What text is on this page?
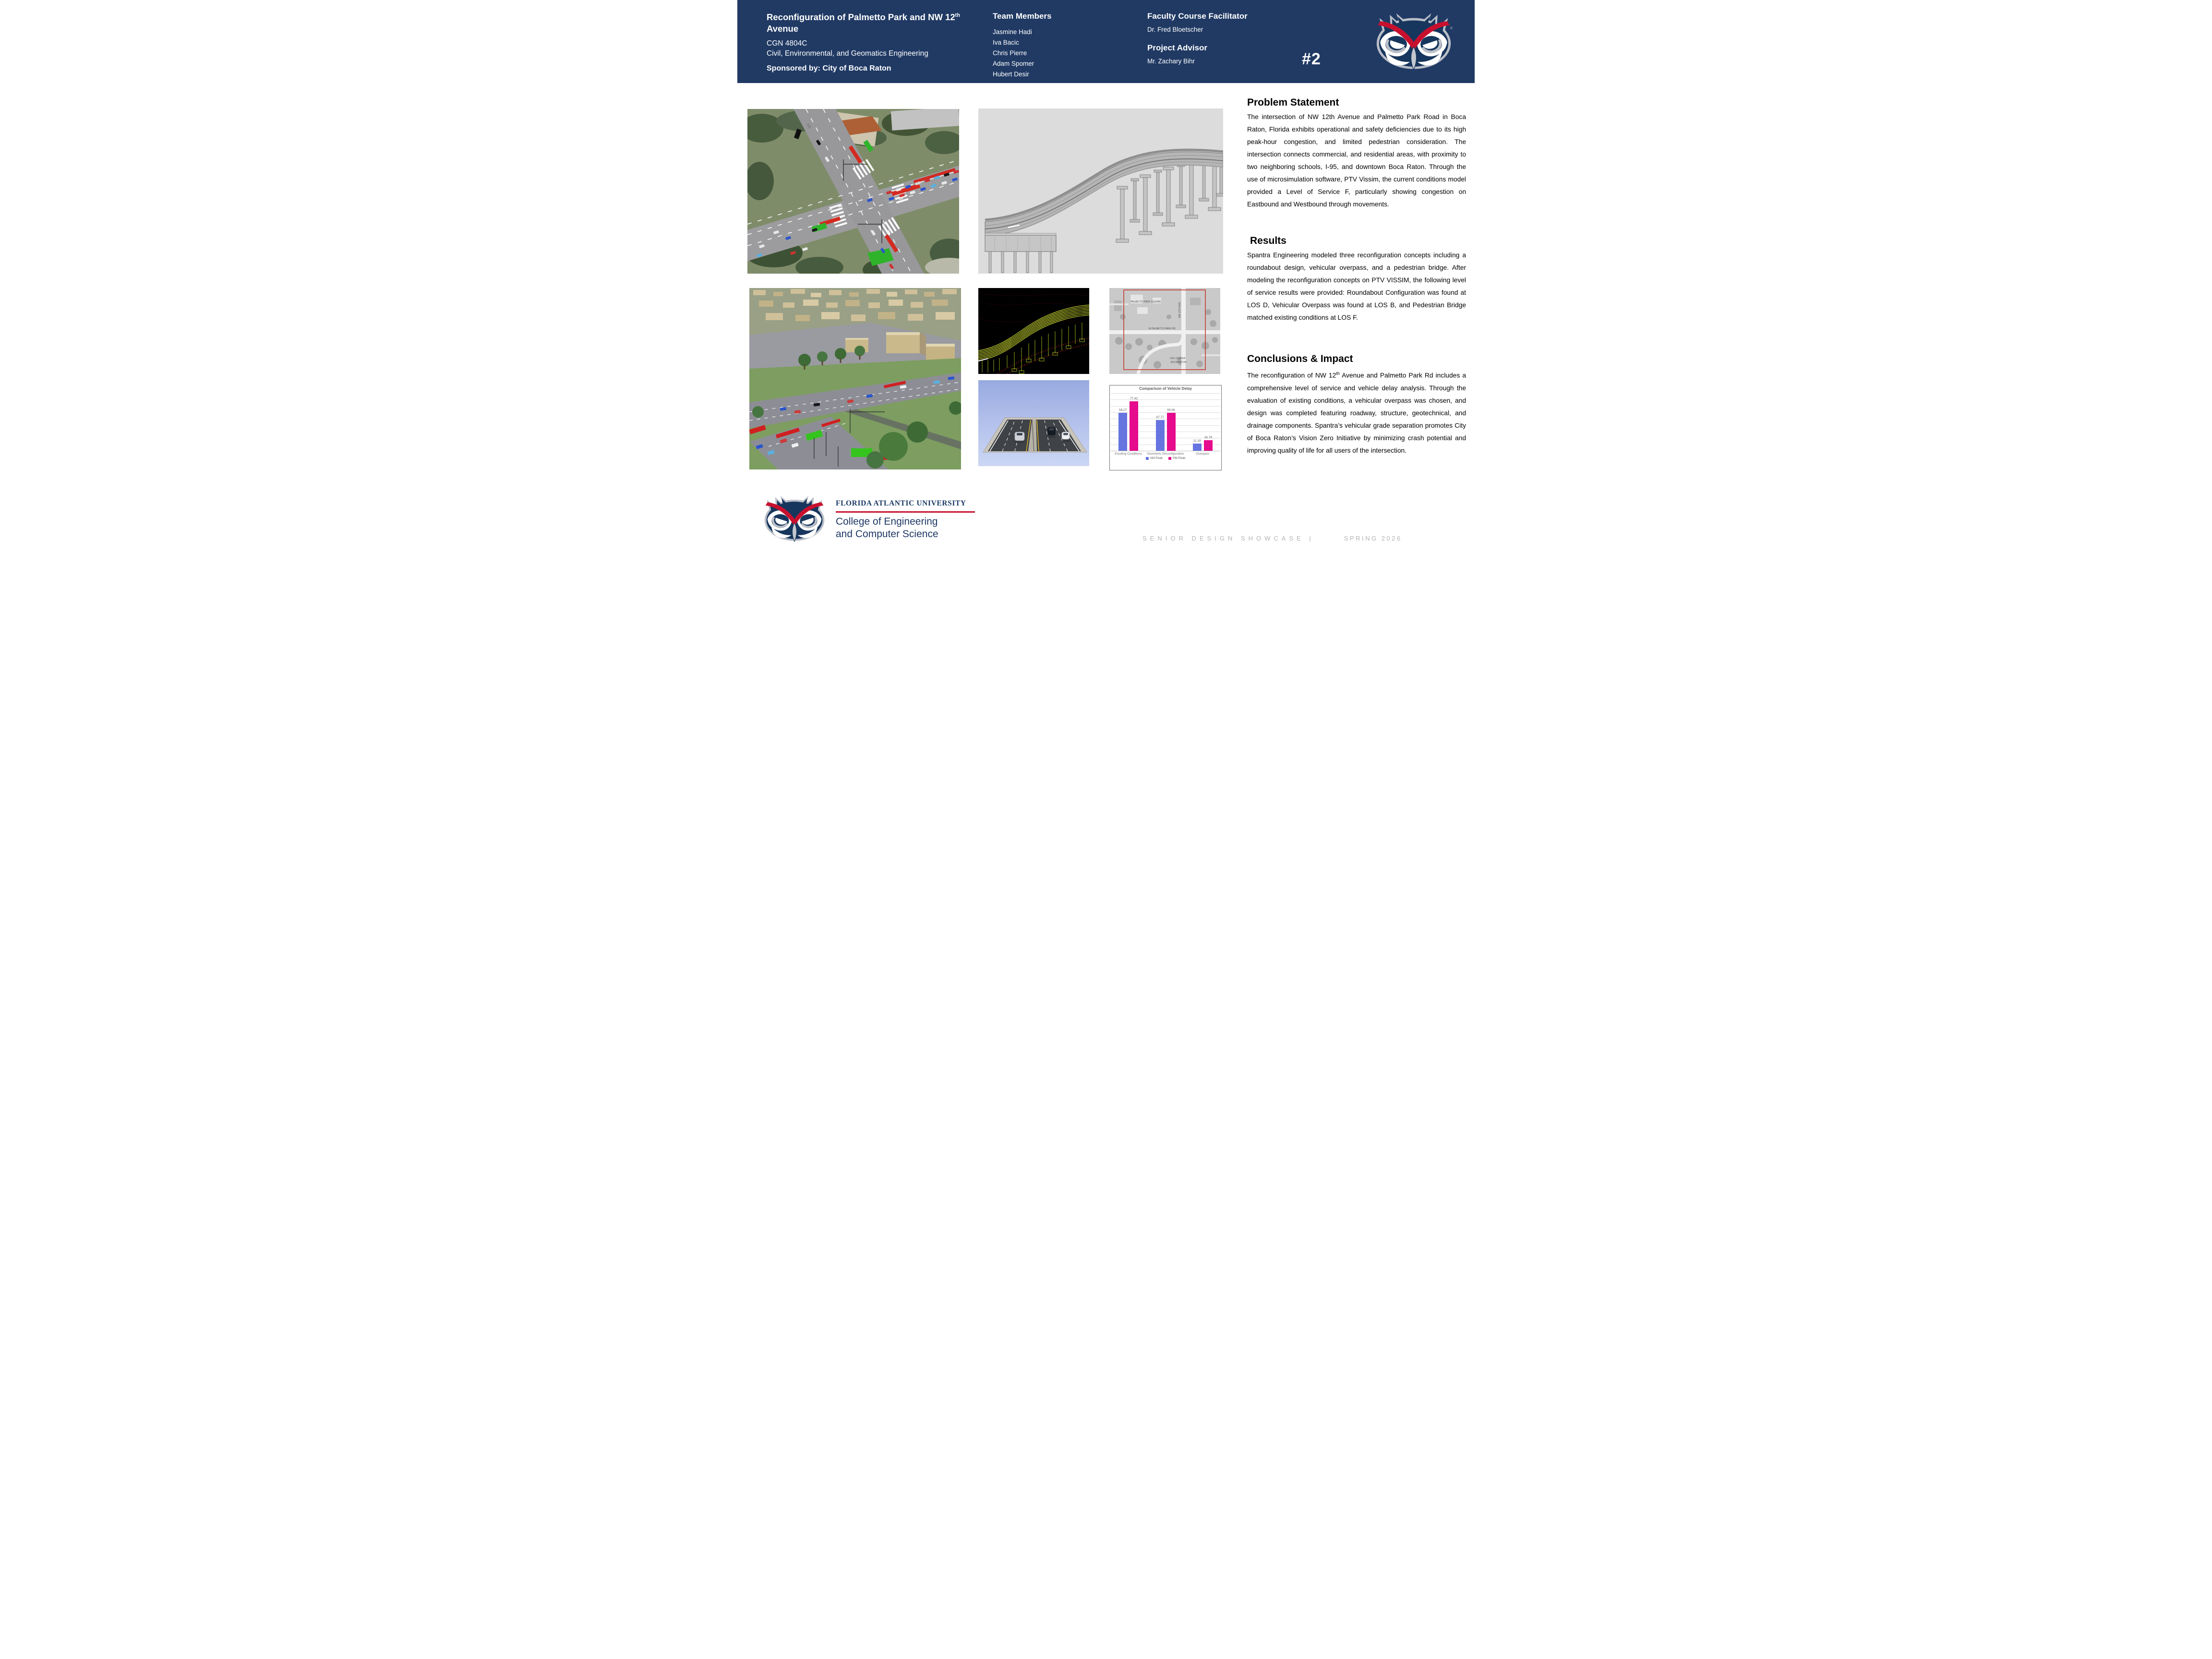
Reconfiguration of Palmetto Park and NW 12th Avenue
CGN 4804C
Civil, Environmental, and Geomatics Engineering
Sponsored by: City of Boca Raton
Team Members
Jasmine Hadi
Iva Bacic
Chris Pierre
Adam Spomer
Hubert Desir
Faculty Course Facilitator
Dr. Fred Bloetscher
Project Advisor
Mr. Zachary Bihr	#2
®
PALMETTO PARK SQUARE
W PALMETTO PARK RD
NW 12TH AVE
LIFE CENTER
BOCA RATON
Comparison of Vehicle Delay
59.27
77.42
Exisiting Conditions
47.77
59.06
Geometric Reconfiguration
11.18
16.78
Overpass
AM Peak	PM Peak
Problem Statement

The intersection of NW 12th Avenue and Palmetto Park Road in Boca Raton, Florida exhibits operational and safety deficiencies due to its high peak-hour congestion, and limited pedestrian consideration. The intersection connects commercial, and residential areas, with proximity to two neighboring schools, I-95, and downtown Boca Raton. Through the use of microsimulation software, PTV Vissim, the current conditions model provided a Level of Service F, particularly showing congestion on Eastbound and Westbound through movements.

Results

Spantra Engineering modeled three reconfiguration concepts including a roundabout design, vehicular overpass, and a pedestrian bridge. After modeling the reconfiguration concepts on PTV VISSIM, the following level of service results were provided: Roundabout Configuration was found at LOS D, Vehicular Overpass was found at LOS B, and Pedestrian Bridge matched existing conditions at LOS F.

Conclusions & Impact

The reconfiguration of NW 12th Avenue and Palmetto Park Rd includes a comprehensive level of service and vehicle delay analysis. Through the evaluation of existing conditions, a vehicular overpass was chosen, and design was completed featuring roadway, structure, geotechnical, and drainage components. Spantra’s vehicular grade separation promotes City of Boca Raton’s Vision Zero Initiative by minimizing crash potential and improving quality of life for all users of the intersection.

FLORIDA ATLANTIC UNIVERSITY
College of Engineering
and Computer Science	SENIOR DESIGN SHOWCASE |	SPRING 2026
